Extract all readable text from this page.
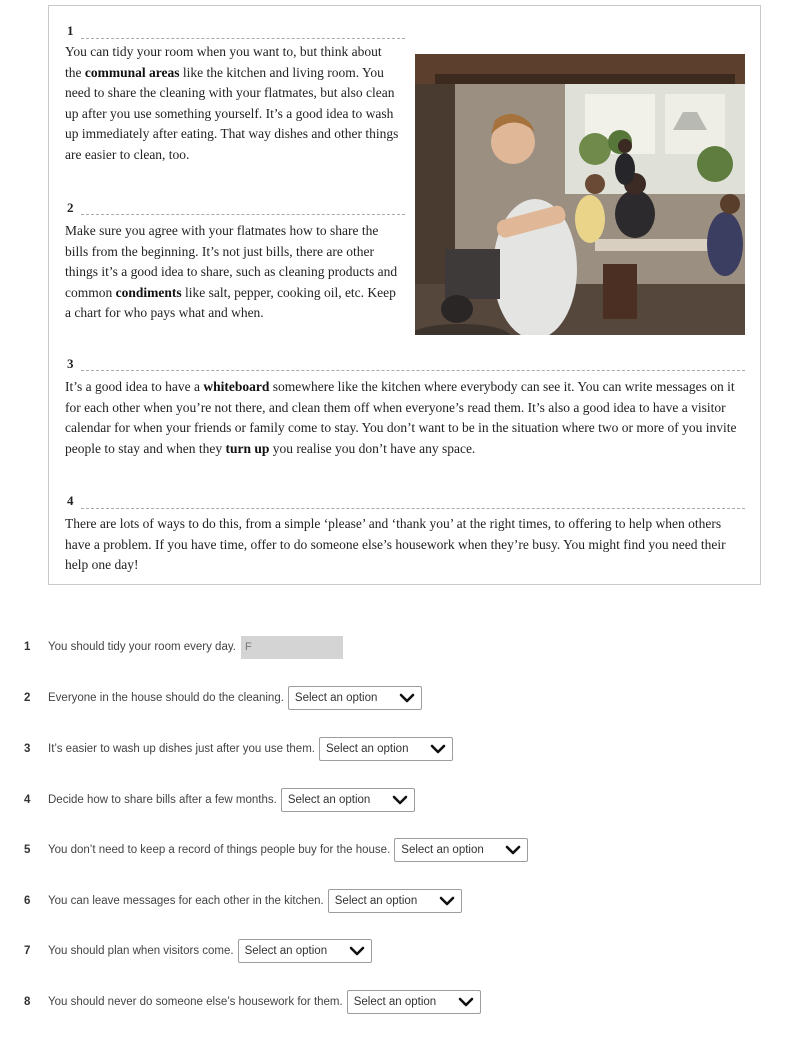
1

You can tidy your room when you want to, but think about the communal areas like the kitchen and living room. You need to share the cleaning with your flatmates, but also clean up after you use something yourself. It’s a good idea to wash up immediately after eating. That way dishes and other things are easier to clean, too.

2

Make sure you agree with your flatmates how to share the bills from the beginning. It’s not just bills, there are other things it’s a good idea to share, such as cleaning products and common condiments like salt, pepper, cooking oil, etc. Keep a chart for who pays what and when.

3

It’s a good idea to have a whiteboard somewhere like the kitchen where everybody can see it. You can write messages on it for each other when you’re not there, and clean them off when everyone’s read them. It’s also a good idea to have a visitor calendar for when your friends or family come to stay. You don’t want to be in the situation where two or more of you invite people to stay and when they turn up you realise you don’t have any space.

4

There are lots of ways to do this, from a simple ‘please’ and ‘thank you’ at the right times, to offering to help when others have a problem. If you have time, offer to do someone else’s housework when they’re busy. You might find you need their help one day!

1	You should tidy your room every day. F
2	Everyone in the house should do the cleaning. Select an option
3	It’s easier to wash up dishes just after you use them. Select an option
4	Decide how to share bills after a few months. Select an option
5	You don’t need to keep a record of things people buy for the house. Select an option
6	You can leave messages for each other in the kitchen. Select an option
7	You should plan when visitors come. Select an option
8	You should never do someone else’s housework for them. Select an option
